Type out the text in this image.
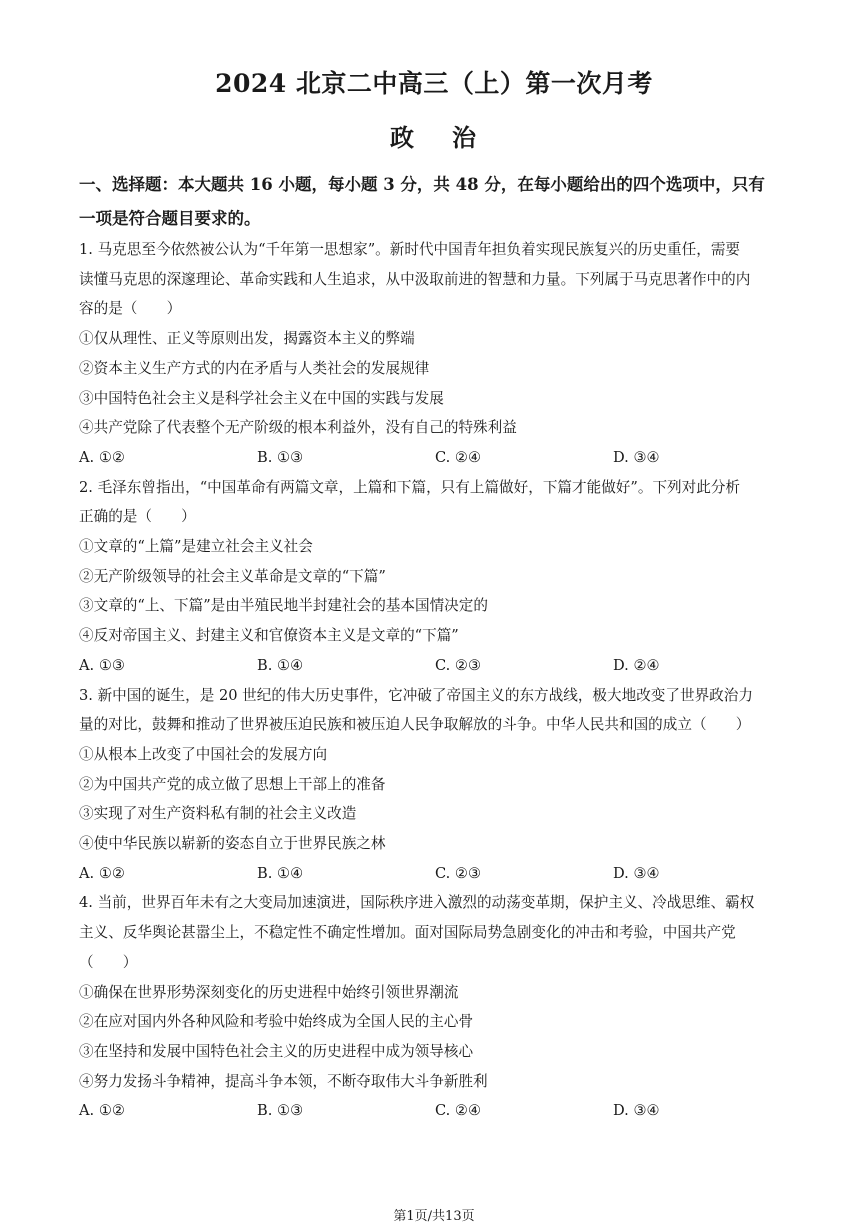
2024 北京二中高三（上）第一次月考
政 治
一、选择题：本大题共 16 小题，每小题 3 分，共 48 分，在每小题给出的四个选项中，只有
一项是符合题目要求的。
1. 马克思至今依然被公认为“千年第一思想家”。新时代中国青年担负着实现民族复兴的历史重任，需要
读懂马克思的深邃理论、革命实践和人生追求，从中汲取前进的智慧和力量。下列属于马克思著作中的内
容的是（　　）
①仅从理性、正义等原则出发，揭露资本主义的弊端
②资本主义生产方式的内在矛盾与人类社会的发展规律
③中国特色社会主义是科学社会主义在中国的实践与发展
④共产党除了代表整个无产阶级的根本利益外，没有自己的特殊利益
A. ①②	B. ①③	C. ②④	D. ③④
2. 毛泽东曾指出，“中国革命有两篇文章，上篇和下篇，只有上篇做好，下篇才能做好”。下列对此分析
正确的是（　　）
①文章的“上篇”是建立社会主义社会
②无产阶级领导的社会主义革命是文章的“下篇”
③文章的“上、下篇”是由半殖民地半封建社会的基本国情决定的
④反对帝国主义、封建主义和官僚资本主义是文章的“下篇”
A. ①③	B. ①④	C. ②③	D. ②④
3. 新中国的诞生，是 20 世纪的伟大历史事件，它冲破了帝国主义的东方战线，极大地改变了世界政治力
量的对比，鼓舞和推动了世界被压迫民族和被压迫人民争取解放的斗争。中华人民共和国的成立（　　）
①从根本上改变了中国社会的发展方向
②为中国共产党的成立做了思想上干部上的准备
③实现了对生产资料私有制的社会主义改造
④使中华民族以崭新的姿态自立于世界民族之林
A. ①②	B. ①④	C. ②③	D. ③④
4. 当前，世界百年未有之大变局加速演进，国际秩序进入激烈的动荡变革期，保护主义、冷战思维、霸权
主义、反华舆论甚嚣尘上，不稳定性不确定性增加。面对国际局势急剧变化的冲击和考验，中国共产党
（　　）
①确保在世界形势深刻变化的历史进程中始终引领世界潮流
②在应对国内外各种风险和考验中始终成为全国人民的主心骨
③在坚持和发展中国特色社会主义的历史进程中成为领导核心
④努力发扬斗争精神，提高斗争本领，不断夺取伟大斗争新胜利
A. ①②	B. ①③	C. ②④	D. ③④
第1页/共13页
